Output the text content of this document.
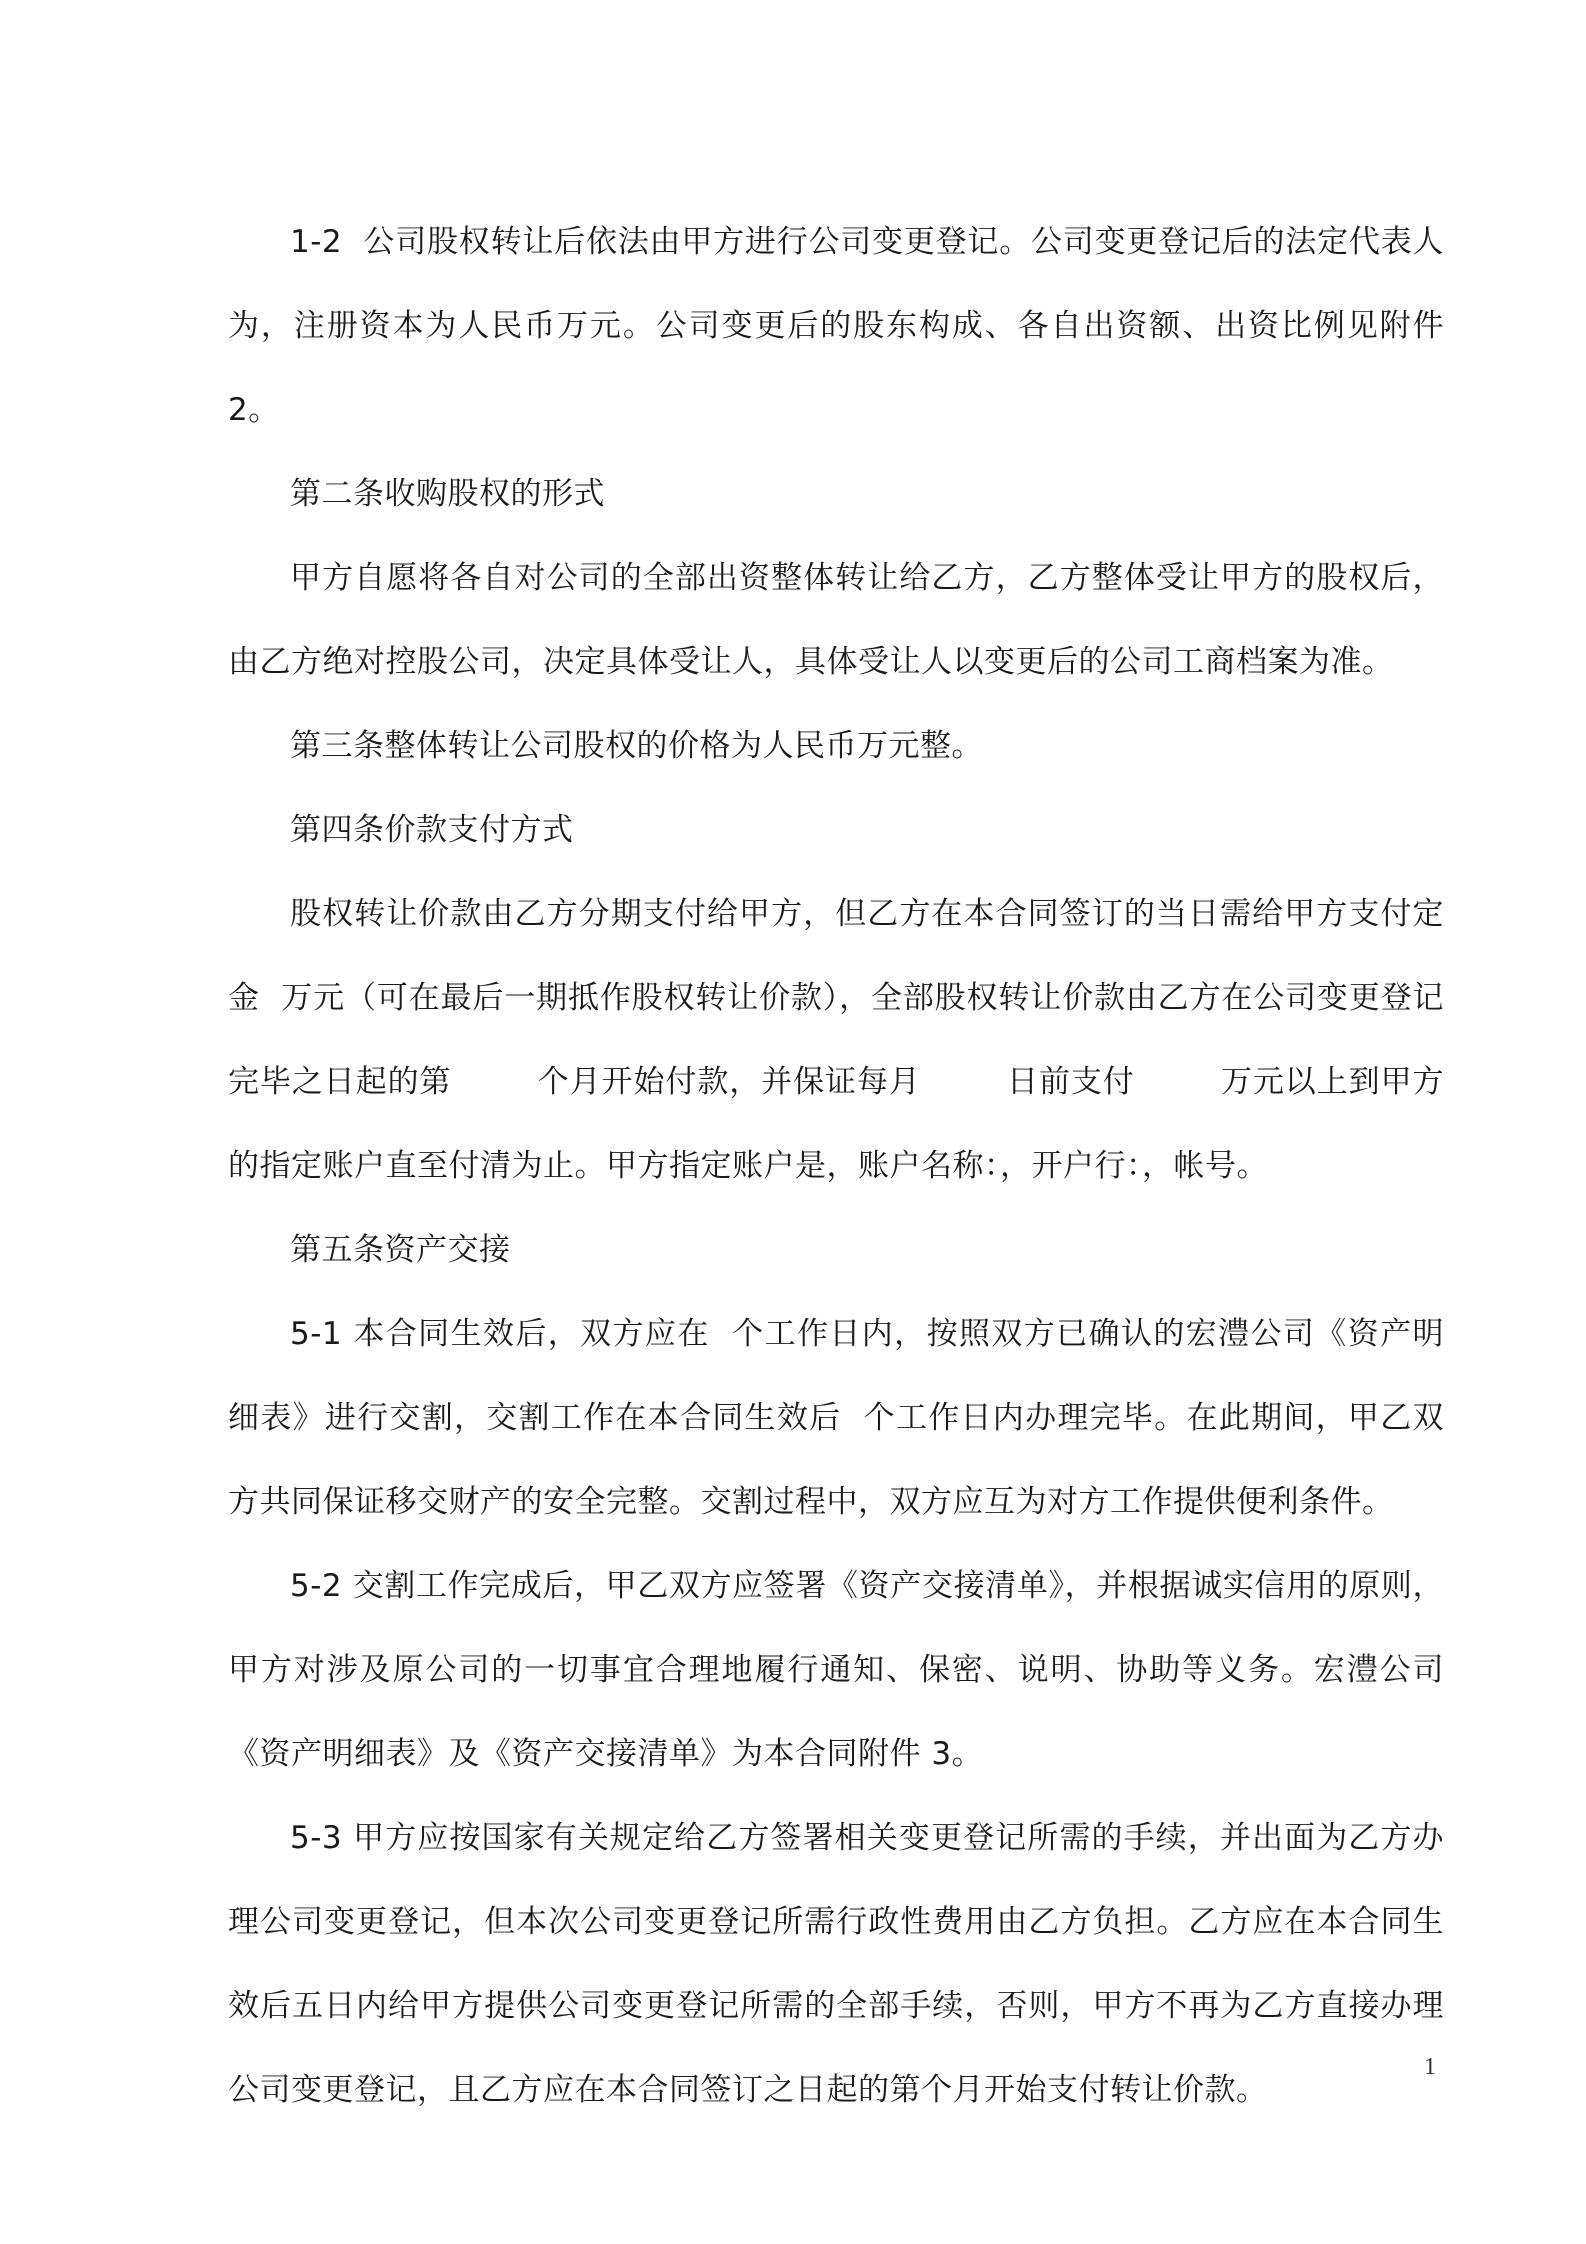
1-2  公司股权转让后依法由甲方进行公司变更登记。公司变更登记后的法定代表人为，注册资本为人民币万元。公司变更后的股东构成、各自出资额、出资比例见附件 2。

第二条收购股权的形式

甲方自愿将各自对公司的全部出资整体转让给乙方，乙方整体受让甲方的股权后，由乙方绝对控股公司，决定具体受让人，具体受让人以变更后的公司工商档案为准。

第三条整体转让公司股权的价格为人民币万元整。

第四条价款支付方式

股权转让价款由乙方分期支付给甲方，但乙方在本合同签订的当日需给甲方支付定金  万元（可在最后一期抵作股权转让价款），全部股权转让价款由乙方在公司变更登记完毕之日起的第        个月开始付款，并保证每月        日前支付        万元以上到甲方的指定账户直至付清为止。甲方指定账户是，账户名称：，开户行：，帐号。

第五条资产交接

5-1 本合同生效后，双方应在  个工作日内，按照双方已确认的宏澧公司《资产明细表》进行交割，交割工作在本合同生效后  个工作日内办理完毕。在此期间，甲乙双方共同保证移交财产的安全完整。交割过程中，双方应互为对方工作提供便利条件。

5-2 交割工作完成后，甲乙双方应签署《资产交接清单》，并根据诚实信用的原则，甲方对涉及原公司的一切事宜合理地履行通知、保密、说明、协助等义务。宏澧公司《资产明细表》及《资产交接清单》为本合同附件 3。

5-3 甲方应按国家有关规定给乙方签署相关变更登记所需的手续，并出面为乙方办理公司变更登记，但本次公司变更登记所需行政性费用由乙方负担。乙方应在本合同生效后五日内给甲方提供公司变更登记所需的全部手续，否则，甲方不再为乙方直接办理公司变更登记，且乙方应在本合同签订之日起的第个月开始支付转让价款。

1
